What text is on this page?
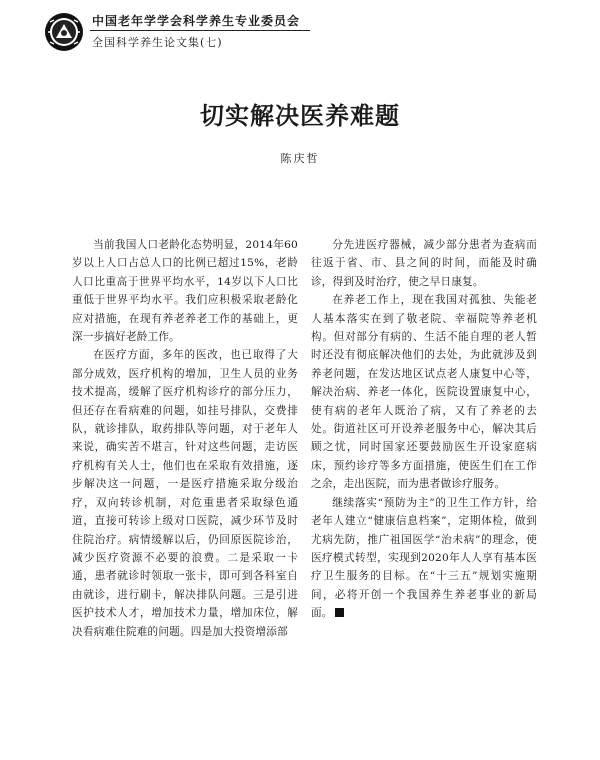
中国老年学学会科学养生专业委员会
全国科学养生论文集(七)
切实解决医养难题
陈庆哲

当前我国人口老龄化态势明显，2014年60岁以上人口占总人口的比例已超过15%，老龄人口比重高于世界平均水平，14岁以下人口比重低于世界平均水平。我们应积极采取老龄化应对措施，在现有养老养老工作的基础上，更深一步搞好老龄工作。

在医疗方面，多年的医改，也已取得了大部分成效，医疗机构的增加，卫生人员的业务技术提高，缓解了医疗机构诊疗的部分压力，但还存在看病难的问题，如挂号排队，交费排队，就诊排队，取药排队等问题，对于老年人来说，确实苦不堪言，针对这些问题，走访医疗机构有关人士，他们也在采取有效措施，逐步解决这一问题，一是医疗措施采取分级治疗，双向转诊机制，对危重患者采取绿色通道，直接可转诊上级对口医院，减少环节及时住院治疗。病情缓解以后，仍回原医院诊治，减少医疗资源不必要的浪费。二是采取一卡通，患者就诊时领取一张卡，即可到各科室自由就诊，进行刷卡，解决排队问题。三是引进医护技术人才，增加技术力量，增加床位，解决看病难住院难的问题。四是加大投资增添部

分先进医疗器械，减少部分患者为查病而往返于省、市、县之间的时间，而能及时确诊，得到及时治疗，使之早日康复。

在养老工作上，现在我国对孤独、失能老人基本落实在到了敬老院、幸福院等养老机构。但对部分有病的、生活不能自理的老人暂时还没有彻底解决他们的去处，为此就涉及到养老问题，在发达地区试点老人康复中心等，解决治病、养老一体化，医院设置康复中心，使有病的老年人既治了病，又有了养老的去处。街道社区可开设养老服务中心，解决其后顾之忧，同时国家还要鼓励医生开设家庭病床，预约诊疗等多方面措施，使医生们在工作之余，走出医院，而为患者做诊疗服务。

继续落实“预防为主”的卫生工作方针，给老年人建立“健康信息档案”，定期体检，做到尤病先防，推广祖国医学“治未病”的理念，使医疗模式转型，实现到2020年人人享有基本医疗卫生服务的目标。在“十三五”规划实施期间，必将开创一个我国养生养老事业的新局面。
